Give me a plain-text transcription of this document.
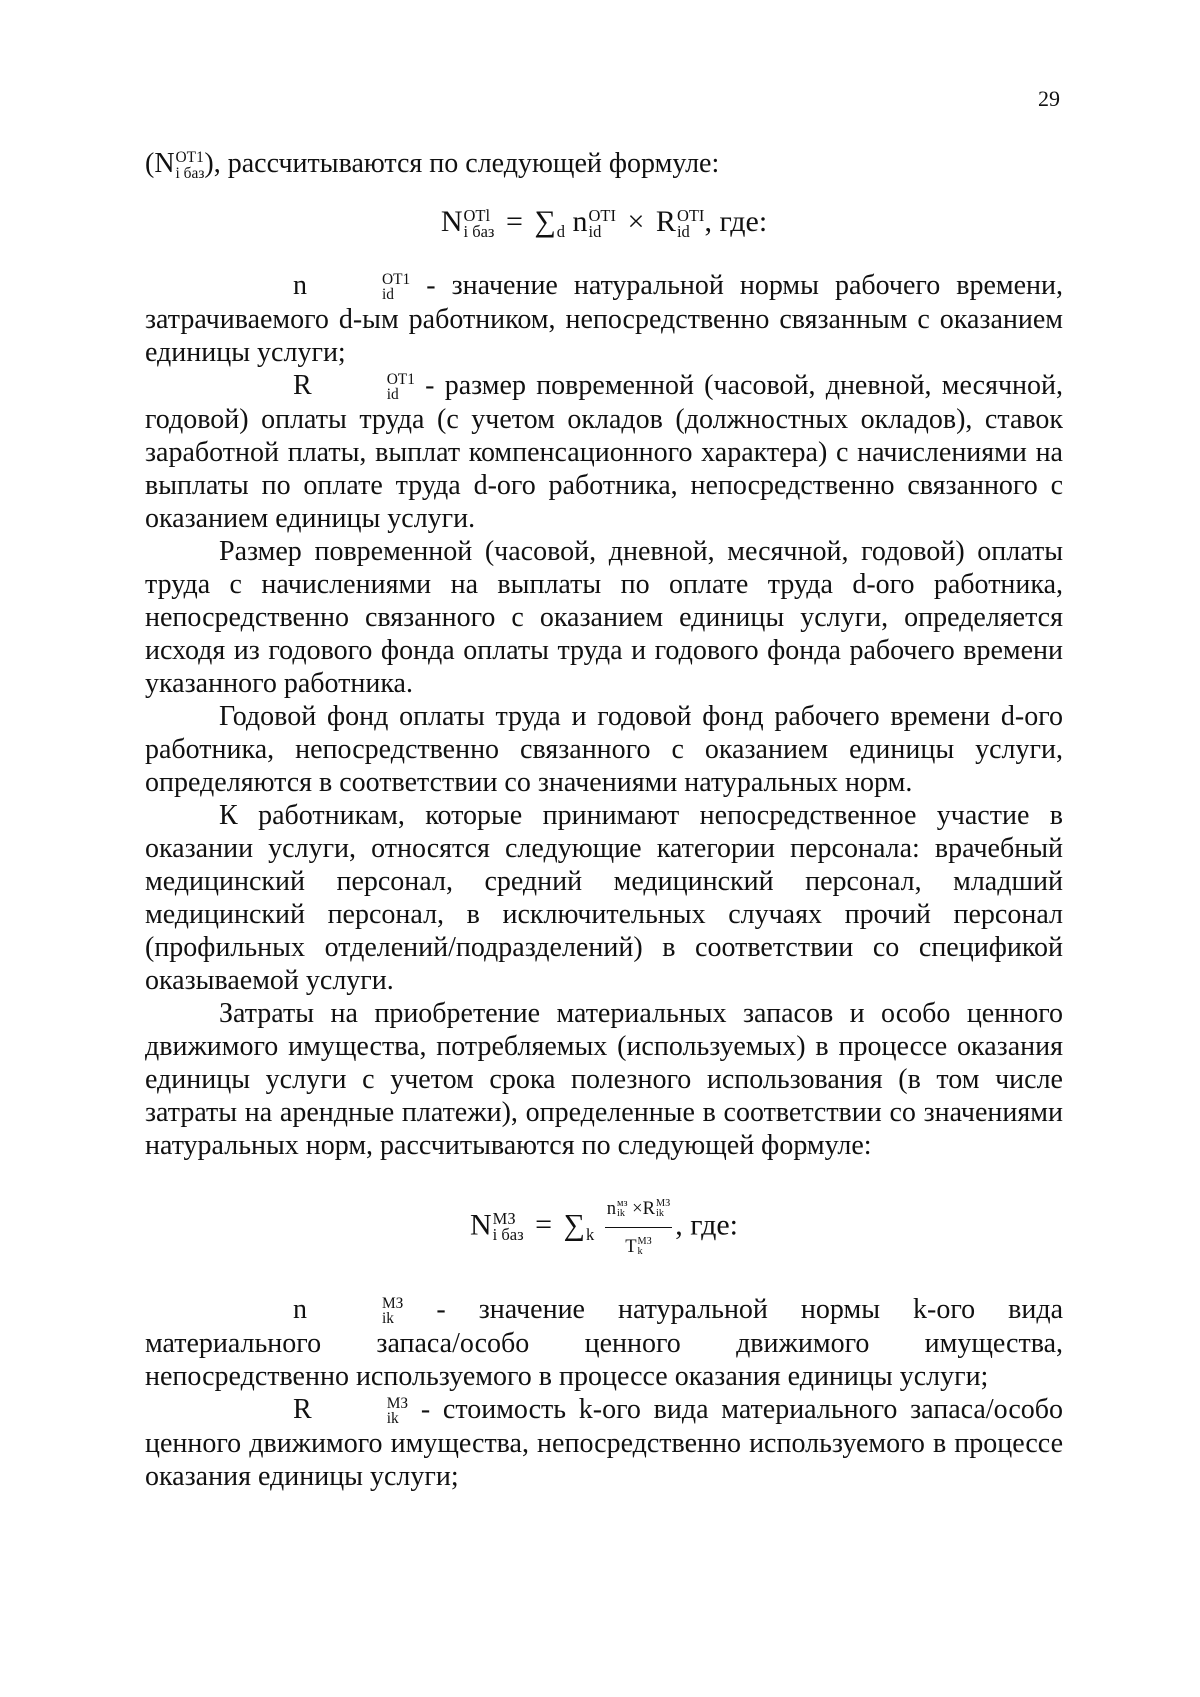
29

(N ОТ1
i баз ), рассчитываются по следующей формуле:

N OTl
i баз = ∑
d n OTI
id × R OTI
id , где:

n	ОТ1
id - значение натуральной нормы рабочего времени, затрачиваемого d-ым работником, непосредственно связанным с оказанием единицы услуги;

R	ОТ1
id - размер повременной (часовой, дневной, месячной, годовой) оплаты труда (с учетом окладов (должностных окладов), ставок заработной платы, выплат компенсационного характера) с начислениями на выплаты по оплате труда d-ого работника, непосредственно связанного с оказанием единицы услуги.

Размер повременной (часовой, дневной, месячной, годовой) оплаты труда с начислениями на выплаты по оплате труда d-ого работника, непосредственно связанного с оказанием единицы услуги, определяется исходя из годового фонда оплаты труда и годового фонда рабочего времени указанного работника.

Годовой фонд оплаты труда и годовой фонд рабочего времени d-ого работника, непосредственно связанного с оказанием единицы услуги, определяются в соответствии со значениями натуральных норм.

К работникам, которые принимают непосредственное участие в оказании услуги, относятся следующие категории персонала: врачебный медицинский персонал, средний медицинский персонал, младший медицинский персонал, в исключительных случаях прочий персонал (профильных отделений/подразделений) в соответствии со спецификой оказываемой услуги.

Затраты на приобретение материальных запасов и особо ценного движимого имущества, потребляемых (используемых) в процессе оказания единицы услуги с учетом срока полезного использования (в том числе затраты на арендные платежи), определенные в соответствии со значениями натуральных норм, рассчитываются по следующей формуле:

N МЗ
i баз = ∑
k
n мз
ik ×R МЗ
ik
T МЗ
k , где:

n	МЗ
ik - значение натуральной нормы k-ого вида материального запаса/особо ценного движимого имущества, непосредственно используемого в процессе оказания единицы услуги;

R	МЗ
ik - стоимость k-ого вида материального запаса/особо ценного движимого имущества, непосредственно используемого в процессе оказания единицы услуги;
